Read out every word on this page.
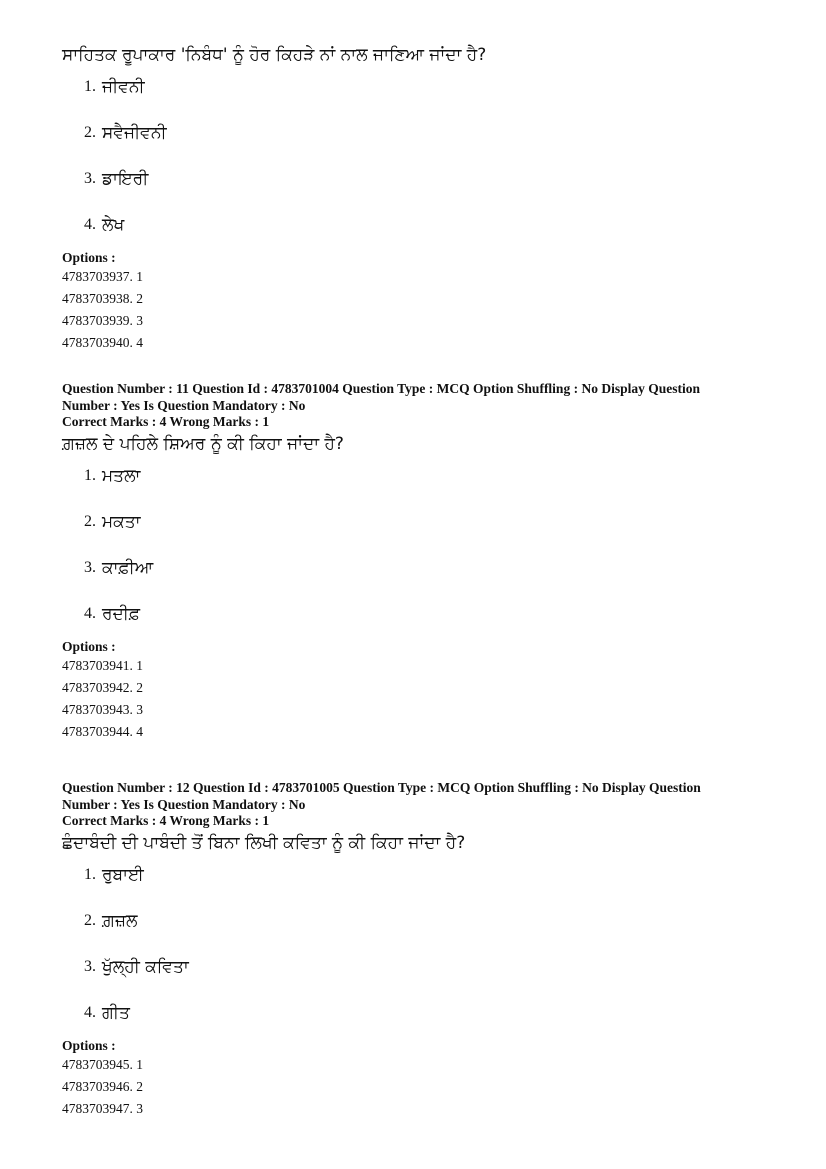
ਸਾਹਿਤਕ ਰੂਪਾਕਾਰ 'ਨਿਬੰਧ' ਨੂੰ ਹੋਰ ਕਿਹੜੇ ਨਾਂ ਨਾਲ ਜਾਣਿਆ ਜਾਂਦਾ ਹੈ?
1. ਜੀਵਨੀ
2. ਸਵੈਜੀਵਨੀ
3. ਡਾਇਰੀ
4. ਲੇਖ
Options :
4783703937. 1
4783703938. 2
4783703939. 3
4783703940. 4
Question Number : 11 Question Id : 4783701004 Question Type : MCQ Option Shuffling : No Display Question
Number : Yes Is Question Mandatory : No
Correct Marks : 4 Wrong Marks : 1
ਗ਼ਜ਼ਲ ਦੇ ਪਹਿਲੇ ਸ਼ਿਅਰ ਨੂੰ ਕੀ ਕਿਹਾ ਜਾਂਦਾ ਹੈ?
1. ਮਤਲਾ
2. ਮਕਤਾ
3. ਕਾਫ਼ੀਆ
4. ਰਦੀਫ਼
Options :
4783703941. 1
4783703942. 2
4783703943. 3
4783703944. 4
Question Number : 12 Question Id : 4783701005 Question Type : MCQ Option Shuffling : No Display Question
Number : Yes Is Question Mandatory : No
Correct Marks : 4 Wrong Marks : 1
ਛੰਦਾਬੰਦੀ ਦੀ ਪਾਬੰਦੀ ਤੋਂ ਬਿਨਾ ਲਿਖੀ ਕਵਿਤਾ ਨੂੰ ਕੀ ਕਿਹਾ ਜਾਂਦਾ ਹੈ?
1. ਰੁਬਾਈ
2. ਗ਼ਜ਼ਲ
3. ਖੁੱਲ੍ਹੀ ਕਵਿਤਾ
4. ਗੀਤ
Options :
4783703945. 1
4783703946. 2
4783703947. 3
